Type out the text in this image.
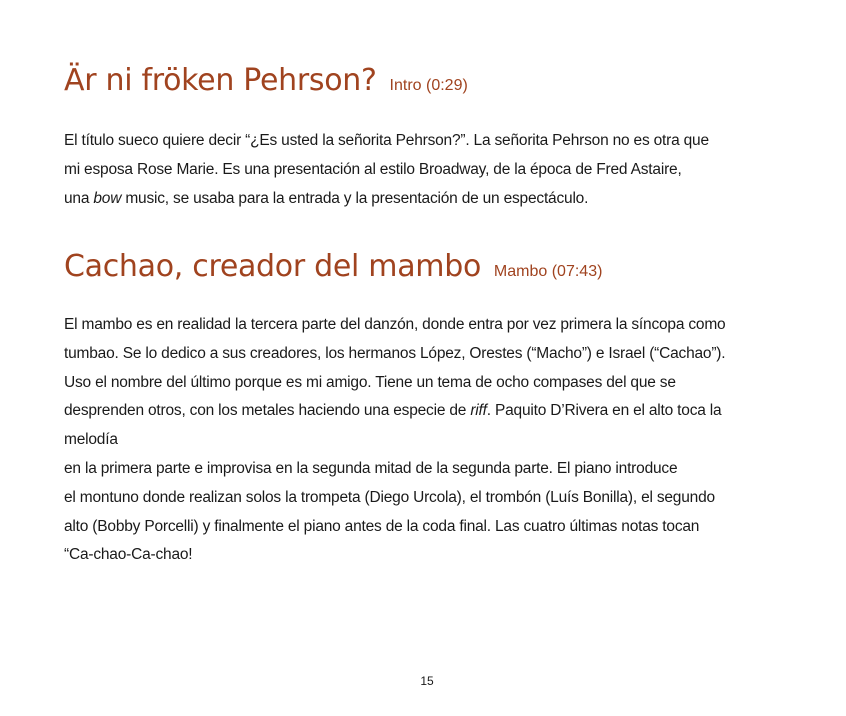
Är ni fröken Pehrson? Intro (0:29)

El título sueco quiere decir “¿Es usted la señorita Pehrson?”. La señorita Pehrson no es otra que
mi esposa Rose Marie. Es una presentación al estilo Broadway, de la época de Fred Astaire,
una bow music, se usaba para la entrada y la presentación de un espectáculo.

Cachao, creador del mambo Mambo (07:43)

El mambo es en realidad la tercera parte del danzón, donde entra por vez primera la síncopa como
tumbao. Se lo dedico a sus creadores, los hermanos López, Orestes (“Macho”) e Israel (“Cachao”).
Uso el nombre del último porque es mi amigo. Tiene un tema de ocho compases del que se
desprenden otros, con los metales haciendo una especie de riff. Paquito D’Rivera en el alto toca la
melodía
en la primera parte e improvisa en la segunda mitad de la segunda parte. El piano introduce
el montuno donde realizan solos la trompeta (Diego Urcola), el trombón (Luís Bonilla), el segundo
alto (Bobby Porcelli) y finalmente el piano antes de la coda final. Las cuatro últimas notas tocan
“Ca-chao-Ca-chao!

15
